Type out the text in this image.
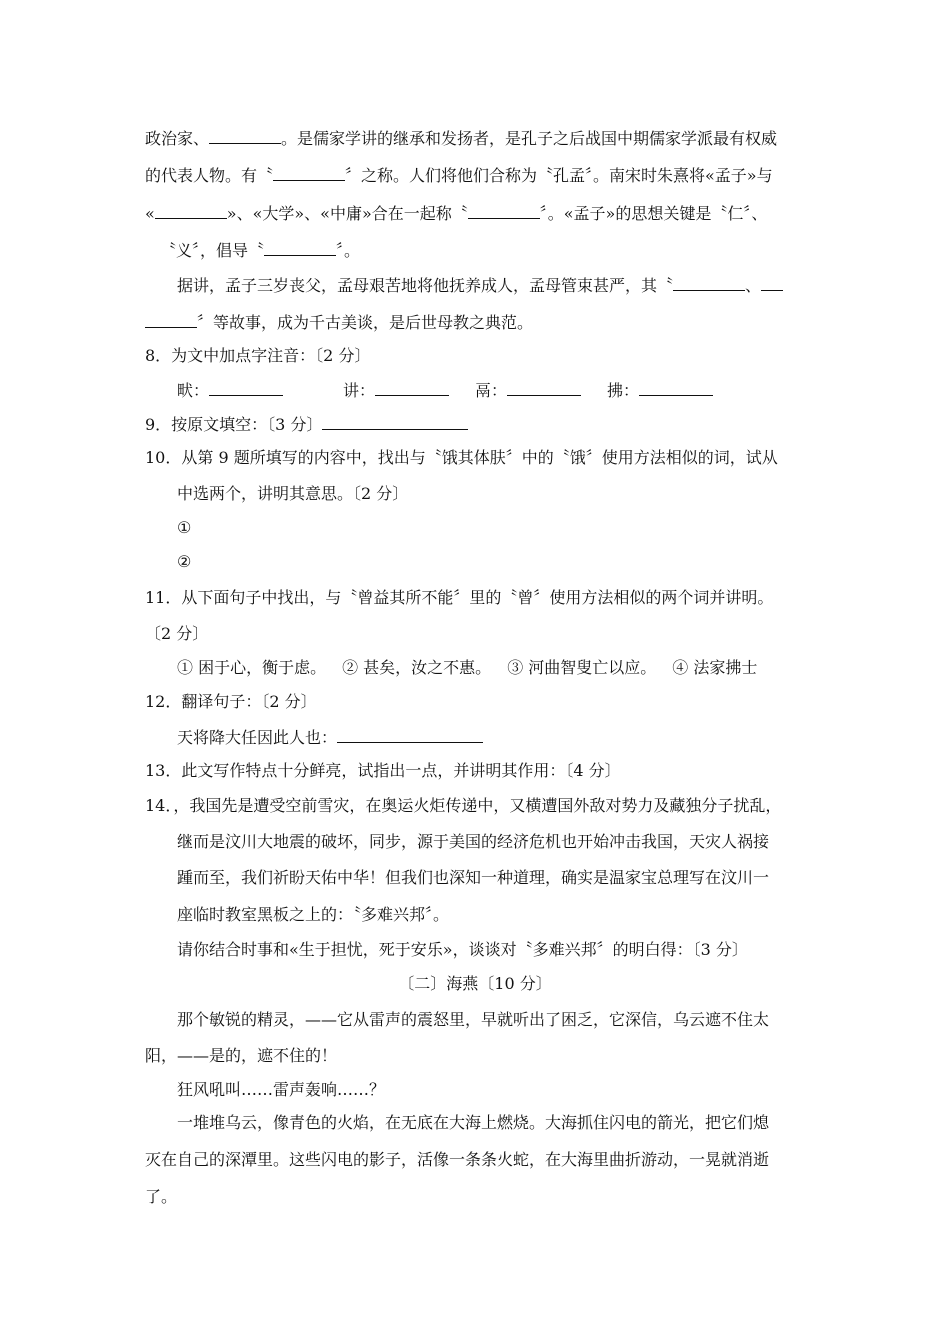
政治家、	。是儒家学讲的继承和发扬者，是孔子之后战国中期儒家学派最有权威
的代表人物。有〝	〞之称。人们将他们合称为〝孔孟〞。南宋时朱熹将«孟子»与
«	»、«大学»、«中庸»合在一起称〝	〞。«孟子»的思想关键是〝仁〞、
〝义〞，倡导〝	〞。
据讲，孟子三岁丧父，孟母艰苦地将他抚养成人，孟母管束甚严，其〝	、
〞等故事，成为千古美谈，是后世母教之典范。
8．为文中加点字注音：〔2 分〕
畎：	讲：	鬲：	拂：
9．按原文填空：〔3 分〕
10．从第 9 题所填写的内容中，找出与〝饿其体肤〞中的〝饿〞使用方法相似的词，试从
中选两个，讲明其意思。〔2 分〕
①
②
11．从下面句子中找出，与〝曾益其所不能〞里的〝曾〞使用方法相似的两个词并讲明。
〔2 分〕
① 困于心，衡于虑。 ② 甚矣，汝之不惠。 ③ 河曲智叟亡以应。 ④ 法家拂士
12．翻译句子：〔2 分〕
天将降大任因此人也：
13．此文写作特点十分鲜亮，试指出一点，并讲明其作用：〔4 分〕
14．，我国先是遭受空前雪灾，在奥运火炬传递中，又横遭国外敌对势力及藏独分子扰乱，
继而是汶川大地震的破坏，同步，源于美国的经济危机也开始冲击我国，天灾人祸接
踵而至，我们祈盼天佑中华！但我们也深知一种道理，确实是温家宝总理写在汶川一
座临时教室黑板之上的：〝多难兴邦〞。
请你结合时事和«生于担忧，死于安乐»，谈谈对〝多难兴邦〞的明白得：〔3 分〕
〔二〕海燕〔10 分〕
那个敏锐的精灵，——它从雷声的震怒里，早就听出了困乏，它深信，乌云遮不住太
阳，——是的，遮不住的！
狂风吼叫……雷声轰响……？
一堆堆乌云，像青色的火焰，在无底在大海上燃烧。大海抓住闪电的箭光，把它们熄
灭在自己的深潭里。这些闪电的影子，活像一条条火蛇，在大海里曲折游动，一晃就消逝
了。
